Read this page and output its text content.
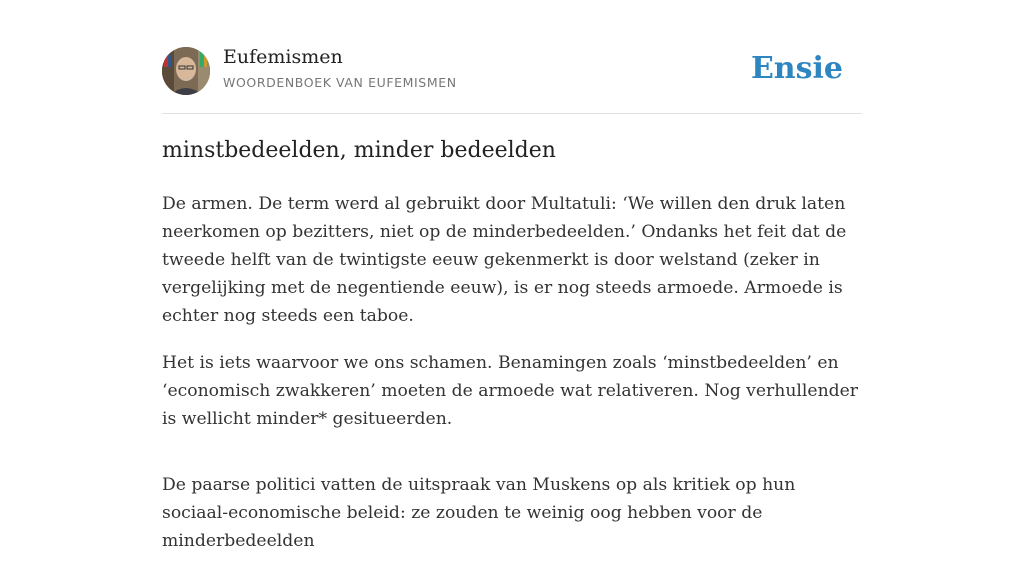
Eufemismen
WOORDENBOEK VAN EUFEMISMEN	Ensie
minstbedeelden, minder bedeelden

De armen. De term werd al gebruikt door Multatuli: ‘We willen den druk laten neerkomen op bezitters, niet op de minderbedeelden.’ Ondanks het feit dat de tweede helft van de twintigste eeuw gekenmerkt is door welstand (zeker in vergelijking met de negentiende eeuw), is er nog steeds armoede. Armoede is echter nog steeds een taboe.

Het is iets waarvoor we ons schamen. Benamingen zoals ‘minstbedeelden’ en ‘economisch zwakkeren’ moeten de armoede wat relativeren. Nog verhullender is wellicht minder* gesitueerden.

De paarse politici vatten de uitspraak van Muskens op als kritiek op hun sociaal-economische beleid: ze zouden te weinig oog hebben voor de minderbedeelden
